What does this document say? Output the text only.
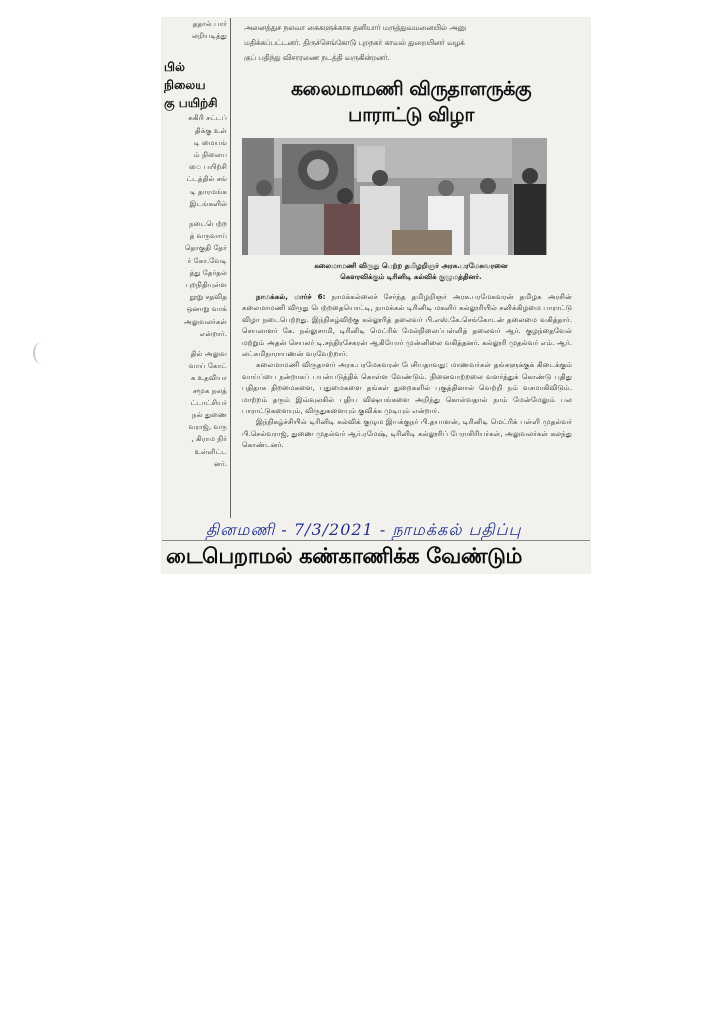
ததால் பார்
லறியடித்து
பில் நிலைய கு பயிற்சி
சுகிரி சட்டப்
திக்கு உள்
டி மையங்
ம் நிலைய
ை பயிற்சி
ட்டத்தில் சங்
டி தாரமங்க
இடங்களில்
நடைபெற்ற
த் வருவாய்
தொகுதி தேர்
ர் கோ.வேடி
த்து தேர்தல்
புறநிதியுள்ள
நூறு சதவித
ஒனாறு வாக்
அலுவலர்கள்
என்றார்.
தில் அலுவ
வாய் கோட்
க உதவியா
சமூக நலத்
ட்டாட்சியர்
நல் துணை
வராஜ், வரு
, கிராம நிர்
உள்ளிட்ட
னர்.
அனைத்துச நலவா கைகளுக்காக தனியார் மருத்துவமனையில் அனு
மதிக்கப்பட்டனர். திருச்செங்கோடு புறநகர் காவல் துறையினர் வழக்
குப் பதிந்து விசாரணை நடத்தி வருகின்றனர்.
கலைமாமணி விருதாளருக்கு
பாராட்டு விழா
கலைமாமணி விருது பெற்ற தமிழறிஞர் அரசு.பரமேசுவரனை
கௌரவிக்கும் டிரினிடி கல்விக் குழுமத்தினர்.

நாமக்கல், மார்ச் 6: நாமக்கல்லைச் சேர்ந்த தமிழறிஞர் அரசு.பரமேசுவரன் தமிழக அரசின் கலைமாமணி விருது பெற்றதையொட்டி, நாமக்கல் டிரினிடி மகளிர் கல்லூரியில் சனிக்கிழமை பாராட்டு விழா நடைபெற்றது. இந்நிகழ்விற்கு கல்லூரித் தலைவர் பி.எஸ்.கே.செங்கோடன் தலைமை வகித்தார். செயலாளர் கே. நல்லுசாமி, டிரினிடி மெட்ரிக் மேல்நிலைப்பள்ளித் தலைவர் ஆர். குழந்தைவேல் மற்றும் அதன் செயலர் டி.சந்திரசேகரன் ஆகியோர் முன்னிலை வகித்தனர். கல்லூரி முதல்வர் எம். ஆர். லட்சுமிநாராயணன் வரவேற்றார்.

கலைமாமணி விருதாளர் அரசு.பரமேசுவரன் பேசியதாவது: மாணவர்கள் தங்களுக்குக் கிடைக்கும் வாய்ப்பை நன்றாகப் பயன்படுத்திக் கொள்ள வேண்டும். நினைவாற்றலை வளர்த்துக் கொண்டு புதிது புதிதாக திறமைகளை, புதுமைகளை தங்கள் துறைகளில் புகுத்தினால் வெற்றி நம் வசமாகிவிடும். மாற்றம் தரும் இவ்வுலகில் புதிய விஷயங்களை அறிந்து கொள்வதால் நாம் மேன்மேலும் பல பாராட்டுகளையும், விருதுகளையும் குவிக்க முடியும் என்றார்.

இந்நிகழ்ச்சியில் டிரினிடி கல்விக் குழும இயக்குநர் பி.தயாளன், டிரினிடி மெட்ரிக் பள்ளி முதல்வர் பி.செல்வராஜ், துணை முதல்வர் ஆர்.ரமேஷ், டிரினிடி கல்லூரிப் பேராசிரியர்கள், அலுவலர்கள் கலந்து கொண்டனர்.

தினமணி - 7/3/2021 - நாமக்கல் பதிப்பு
டைபெறாமல் கண்காணிக்க வேண்டும்
